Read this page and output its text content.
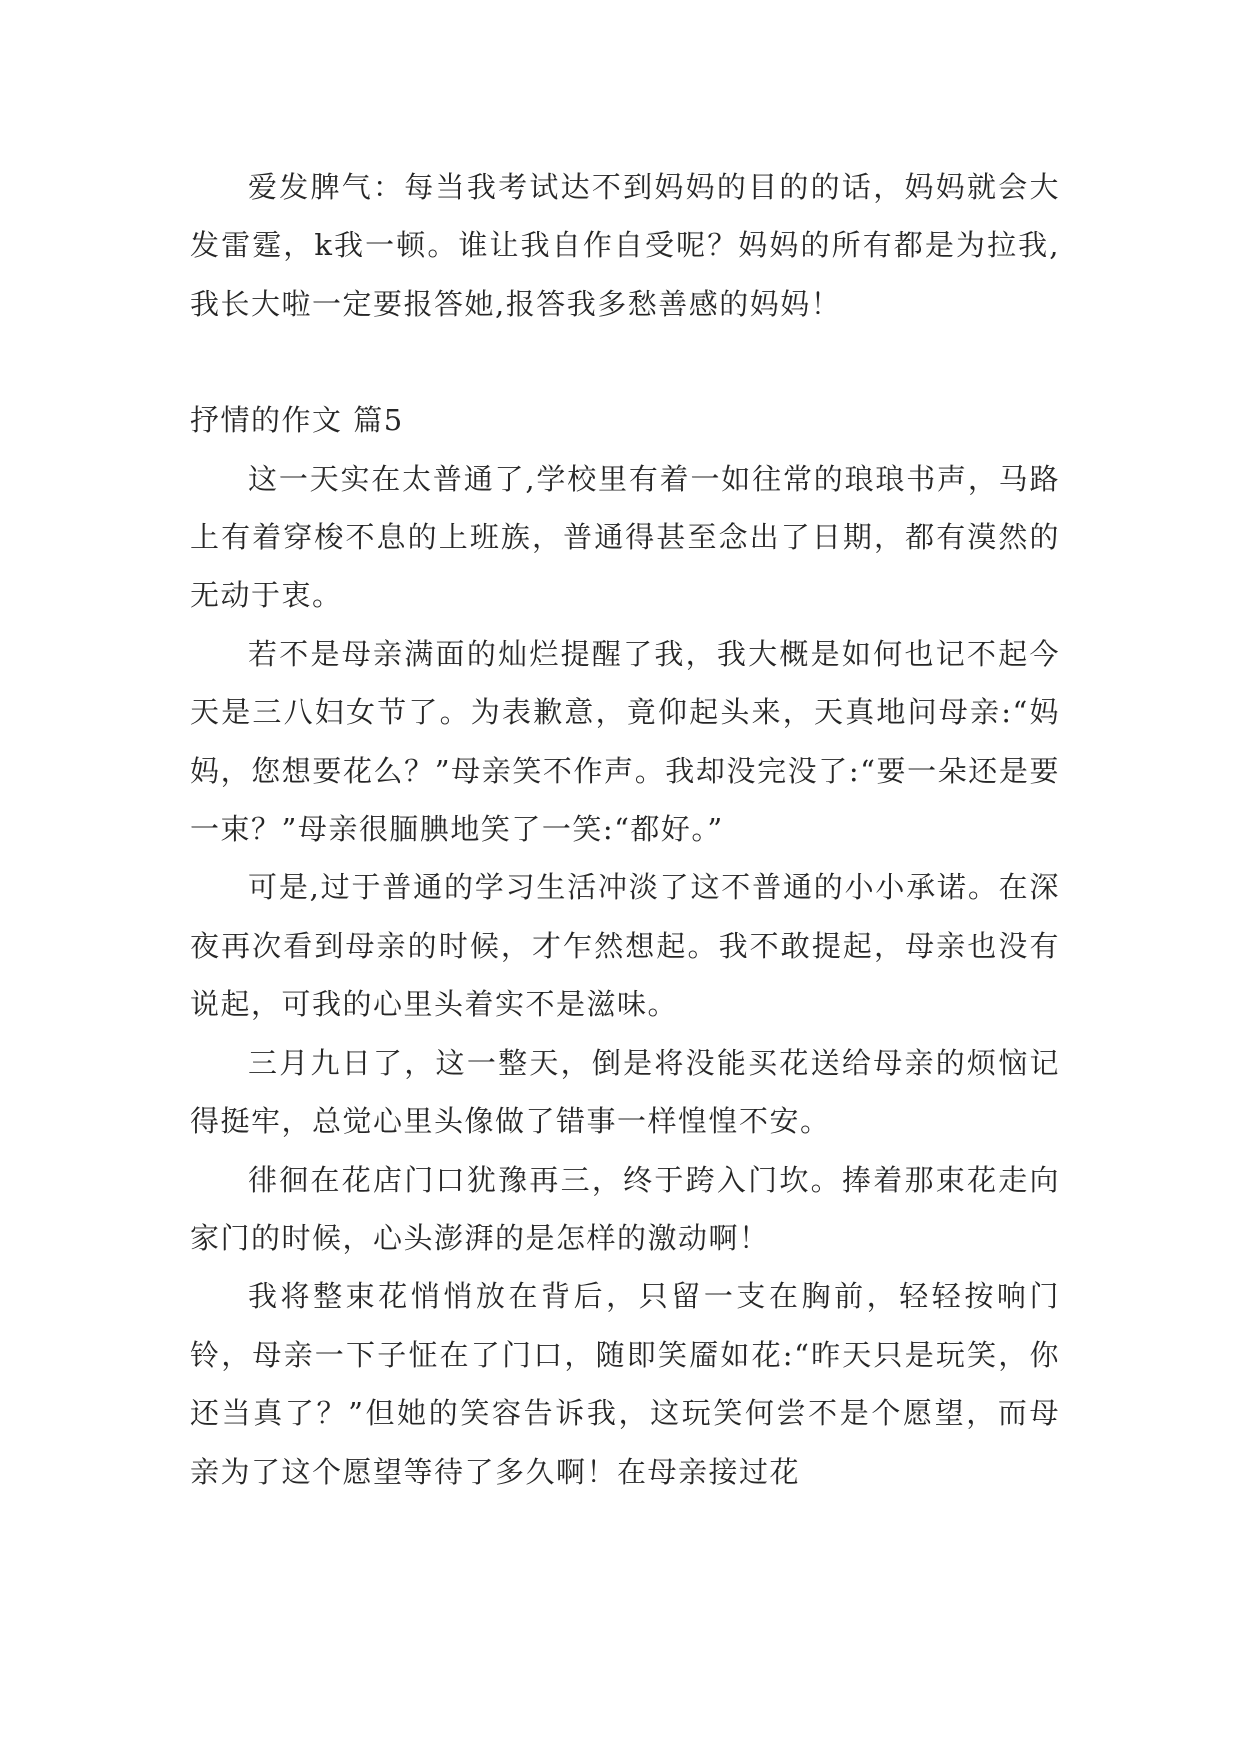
爱发脾气：每当我考试达不到妈妈的目的的话，妈妈就会大发雷霆，k我一顿。谁让我自作自受呢？妈妈的所有都是为拉我,我长大啦一定要报答她,报答我多愁善感的妈妈！

抒情的作文 篇5

这一天实在太普通了,学校里有着一如往常的琅琅书声，马路上有着穿梭不息的上班族，普通得甚至念出了日期，都有漠然的无动于衷。

若不是母亲满面的灿烂提醒了我，我大概是如何也记不起今天是三八妇女节了。为表歉意，竟仰起头来，天真地问母亲:“妈妈，您想要花么？”母亲笑不作声。我却没完没了:“要一朵还是要一束？”母亲很腼腆地笑了一笑:“都好。”

可是,过于普通的学习生活冲淡了这不普通的小小承诺。在深夜再次看到母亲的时候，才乍然想起。我不敢提起，母亲也没有说起，可我的心里头着实不是滋味。

三月九日了，这一整天，倒是将没能买花送给母亲的烦恼记得挺牢，总觉心里头像做了错事一样惶惶不安。

徘徊在花店门口犹豫再三，终于跨入门坎。捧着那束花走向家门的时候，心头澎湃的是怎样的激动啊！

我将整束花悄悄放在背后，只留一支在胸前，轻轻按响门铃，母亲一下子怔在了门口，随即笑靥如花:“昨天只是玩笑，你还当真了？”但她的笑容告诉我，这玩笑何尝不是个愿望，而母亲为了这个愿望等待了多久啊！在母亲接过花
